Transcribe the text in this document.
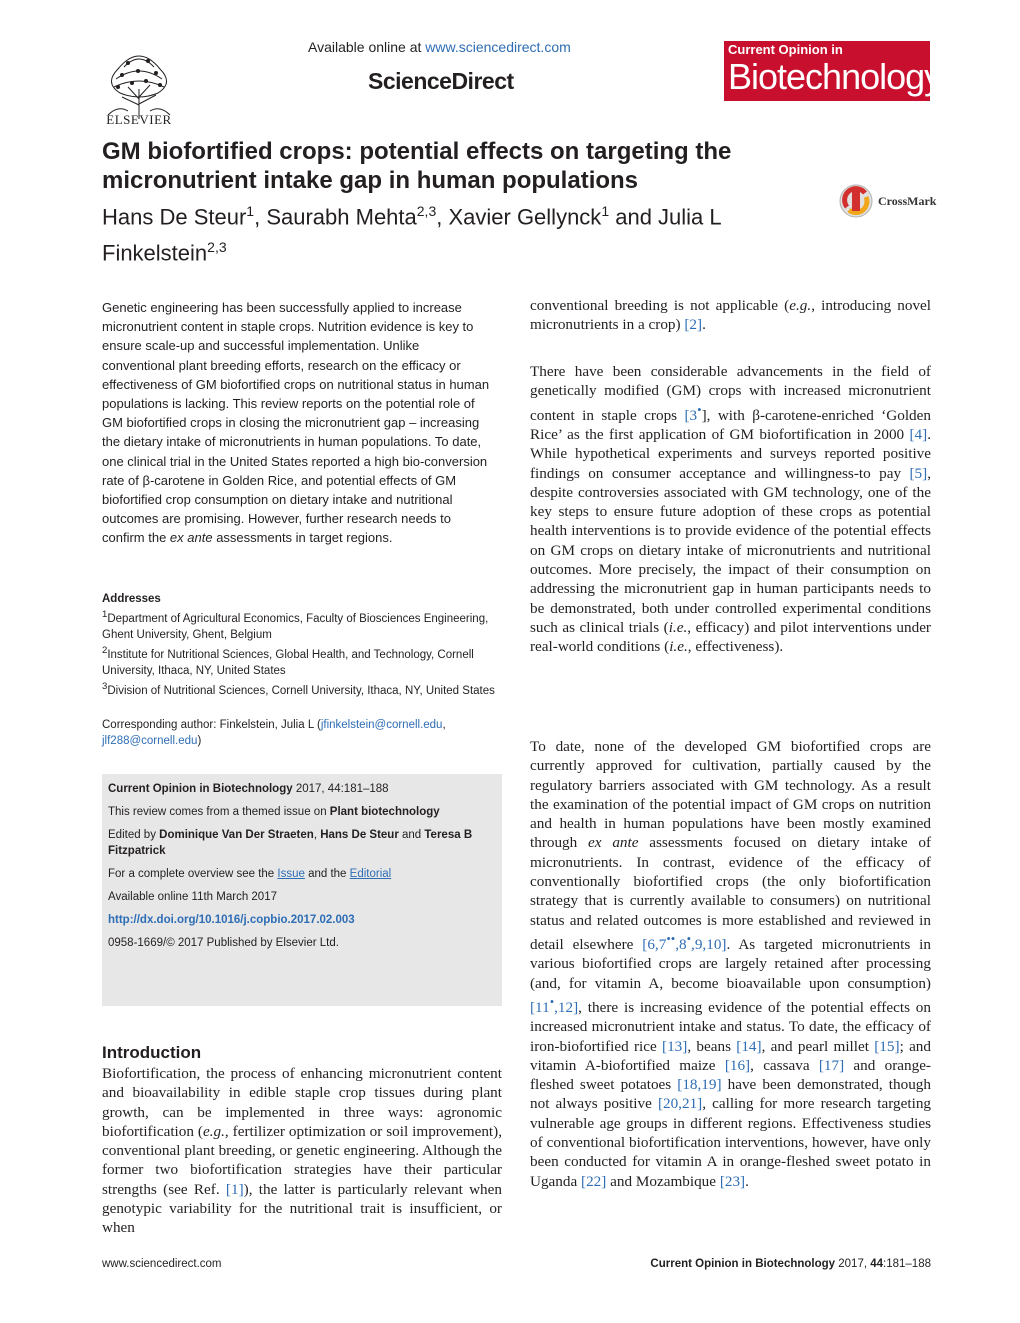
ELSEVIER
Available online at www.sciencedirect.com
ScienceDirect
Current Opinion in
Biotechnology
GM biofortified crops: potential effects on targeting the micronutrient intake gap in human populations
Hans De Steur$^1$, Saurabh Mehta$^{2,3}$, Xavier Gellynck$^1$ and Julia L Finkelstein$^{2,3}$
CrossMark
Genetic engineering has been successfully applied to increase micronutrient content in staple crops. Nutrition evidence is key to ensure scale-up and successful implementation. Unlike conventional plant breeding efforts, research on the efficacy or effectiveness of GM biofortified crops on nutritional status in human populations is lacking. This review reports on the potential role of GM biofortified crops in closing the micronutrient gap – increasing the dietary intake of micronutrients in human populations. To date, one clinical trial in the United States reported a high bio-conversion rate of β-carotene in Golden Rice, and potential effects of GM biofortified crop consumption on dietary intake and nutritional outcomes are promising. However, further research needs to confirm the ex ante assessments in target regions.
Addresses
$^1$Department of Agricultural Economics, Faculty of Biosciences Engineering, Ghent University, Ghent, Belgium
$^2$Institute for Nutritional Sciences, Global Health, and Technology, Cornell University, Ithaca, NY, United States
$^3$Division of Nutritional Sciences, Cornell University, Ithaca, NY, United States
Corresponding author: Finkelstein, Julia L (jfinkelstein@cornell.edu, jlf288@cornell.edu)

Current Opinion in Biotechnology 2017, 44:181–188

This review comes from a themed issue on Plant biotechnology

Edited by Dominique Van Der Straeten, Hans De Steur and Teresa B Fitzpatrick

For a complete overview see the Issue and the Editorial

Available online 11th March 2017

http://dx.doi.org/10.1016/j.copbio.2017.02.003

0958-1669/© 2017 Published by Elsevier Ltd.

Introduction

Biofortification, the process of enhancing micronutrient content and bioavailability in edible staple crop tissues during plant growth, can be implemented in three ways: agronomic biofortification (e.g., fertilizer optimization or soil improvement), conventional plant breeding, or genetic engineering. Although the former two biofortification strategies have their particular strengths (see Ref. [1]), the latter is particularly relevant when genotypic variability for the nutritional trait is insufficient, or when

conventional breeding is not applicable (e.g., introducing novel micronutrients in a crop) [2].

There have been considerable advancements in the field of genetically modified (GM) crops with increased micronutrient content in staple crops [3•], with β-carotene-enriched ‘Golden Rice’ as the first application of GM biofortification in 2000 [4]. While hypothetical experiments and surveys reported positive findings on consumer acceptance and willingness-to pay [5], despite controversies associated with GM technology, one of the key steps to ensure future adoption of these crops as potential health interventions is to provide evidence of the potential effects on GM crops on dietary intake of micronutrients and nutritional outcomes. More precisely, the impact of their consumption on addressing the micronutrient gap in human participants needs to be demonstrated, both under controlled experimental conditions such as clinical trials (i.e., efficacy) and pilot interventions under real-world conditions (i.e., effectiveness).

To date, none of the developed GM biofortified crops are currently approved for cultivation, partially caused by the regulatory barriers associated with GM technology. As a result the examination of the potential impact of GM crops on nutrition and health in human populations have been mostly examined through ex ante assessments focused on dietary intake of micronutrients. In contrast, evidence of the efficacy of conventionally biofortified crops (the only biofortification strategy that is currently available to consumers) on nutritional status and related outcomes is more established and reviewed in detail elsewhere [6,7••,8•,9,10]. As targeted micronutrients in various biofortified crops are largely retained after processing (and, for vitamin A, become bioavailable upon consumption)[11•,12], there is increasing evidence of the potential effects on increased micronutrient intake and status. To date, the efficacy of iron-biofortified rice [13], beans [14], and pearl millet [15]; and vitamin A-biofortified maize [16], cassava [17] and orange-fleshed sweet potatoes [18,19] have been demonstrated, though not always positive [20,21], calling for more research targeting vulnerable age groups in different regions. Effectiveness studies of conventional biofortification interventions, however, have only been conducted for vitamin A in orange-fleshed sweet potato in Uganda [22] and Mozambique [23].

www.sciencedirect.com	Current Opinion in Biotechnology 2017, 44:181–188
